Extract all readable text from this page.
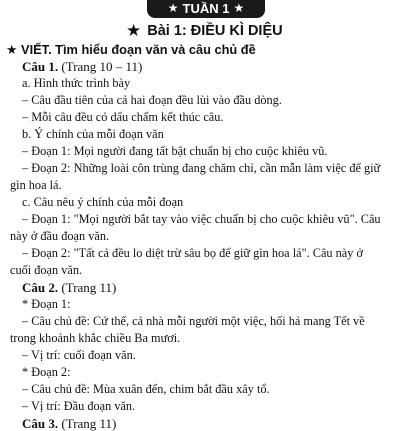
★ TUẦN 1 ★
★ Bài 1: ĐIỀU KÌ DIỆU
★ VIẾT. Tìm hiểu đoạn văn và câu chủ đề
Câu 1. (Trang 10 – 11)
a. Hình thức trình bày
– Câu đầu tiên của cả hai đoạn đều lùi vào đầu dòng.
– Mỗi câu đều có dấu chấm kết thúc câu.
b. Ý chính của mỗi đoạn văn
– Đoạn 1: Mọi người đang tất bật chuẩn bị cho cuộc khiêu vũ.
– Đoạn 2: Những loài côn trùng đang chăm chỉ, cần mẫn làm việc để giữ
gìn hoa lá.
c. Câu nêu ý chính của mỗi đoạn
– Đoạn 1: "Mọi người bắt tay vào việc chuẩn bị cho cuộc khiêu vũ". Câu
này ở đầu đoạn văn.
– Đoạn 2: "Tất cả đều lo diệt trừ sâu bọ để giữ gìn hoa lá". Câu này ở
cuối đoạn văn.
Câu 2. (Trang 11)
* Đoạn 1:
– Câu chủ đề: Cứ thế, cả nhà mỗi người một việc, hối hả mang Tết về
trong khoảnh khắc chiều Ba mươi.
– Vị trí: cuối đoạn văn.
* Đoạn 2:
– Câu chủ đề: Mùa xuân đến, chim bắt đầu xây tổ.
– Vị trí: Đầu đoạn văn.
Câu 3. (Trang 11)
